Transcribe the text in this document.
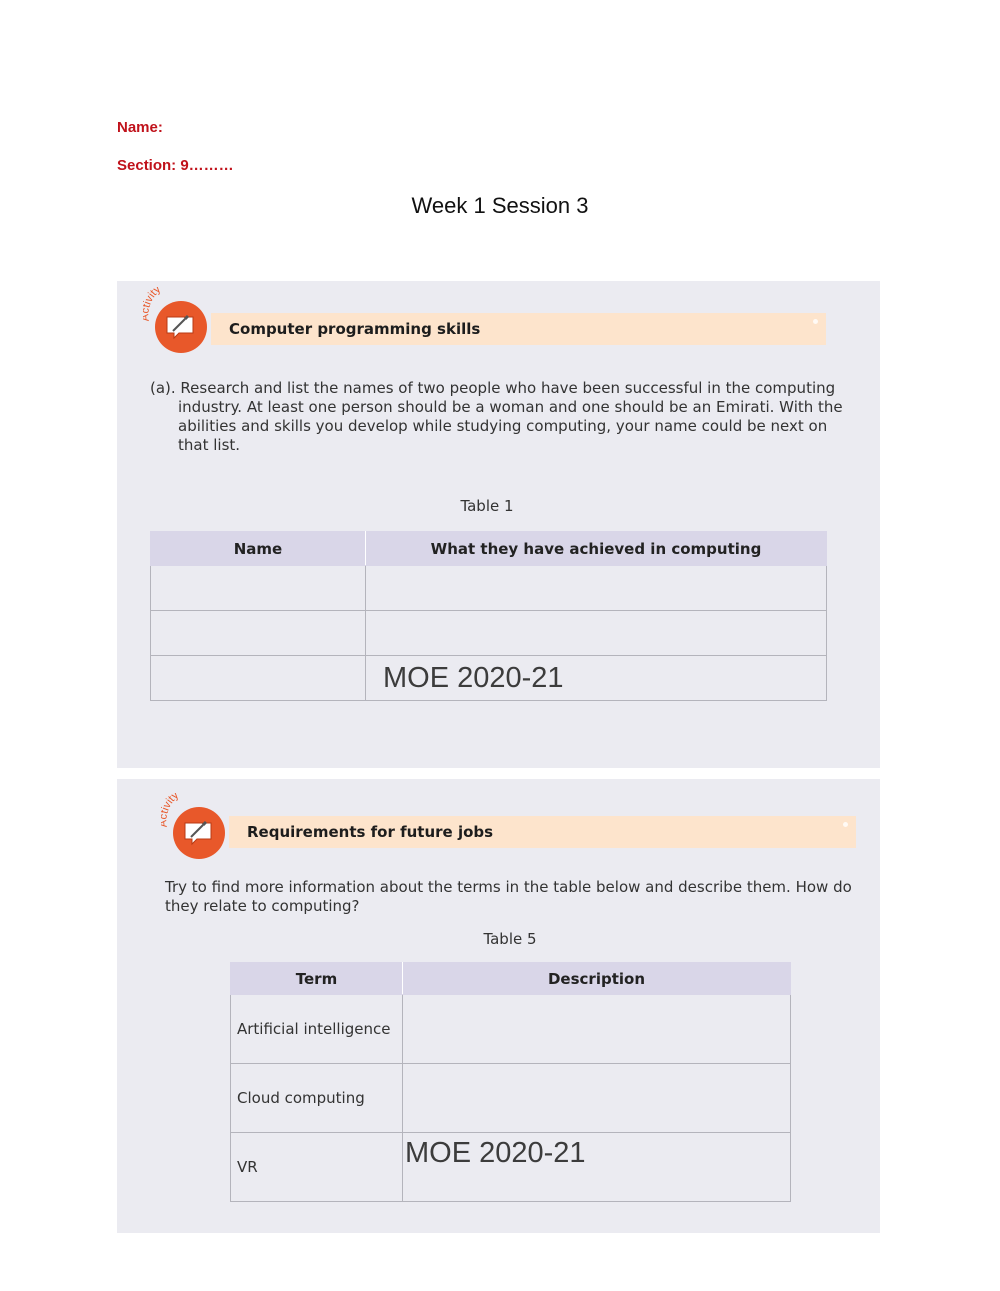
Name:
Section: 9………
Week 1 Session 3
vity
Computer programming skills
(a). Research and list the names of two people who have been successful in the computing industry. At least one person should be a woman and one should be an Emirati. With the abilities and skills you develop while studying computing, your name could be next on that list.
Table 1
Name	What they have achieved in computing

	MOE 2020-21
vity
Requirements for future jobs
Try to find more information about the terms in the table below and describe them. How do they relate to computing?
Table 5
Term	Description
Artificial intelligence	
Cloud computing	
VR	MOE 2020-21
